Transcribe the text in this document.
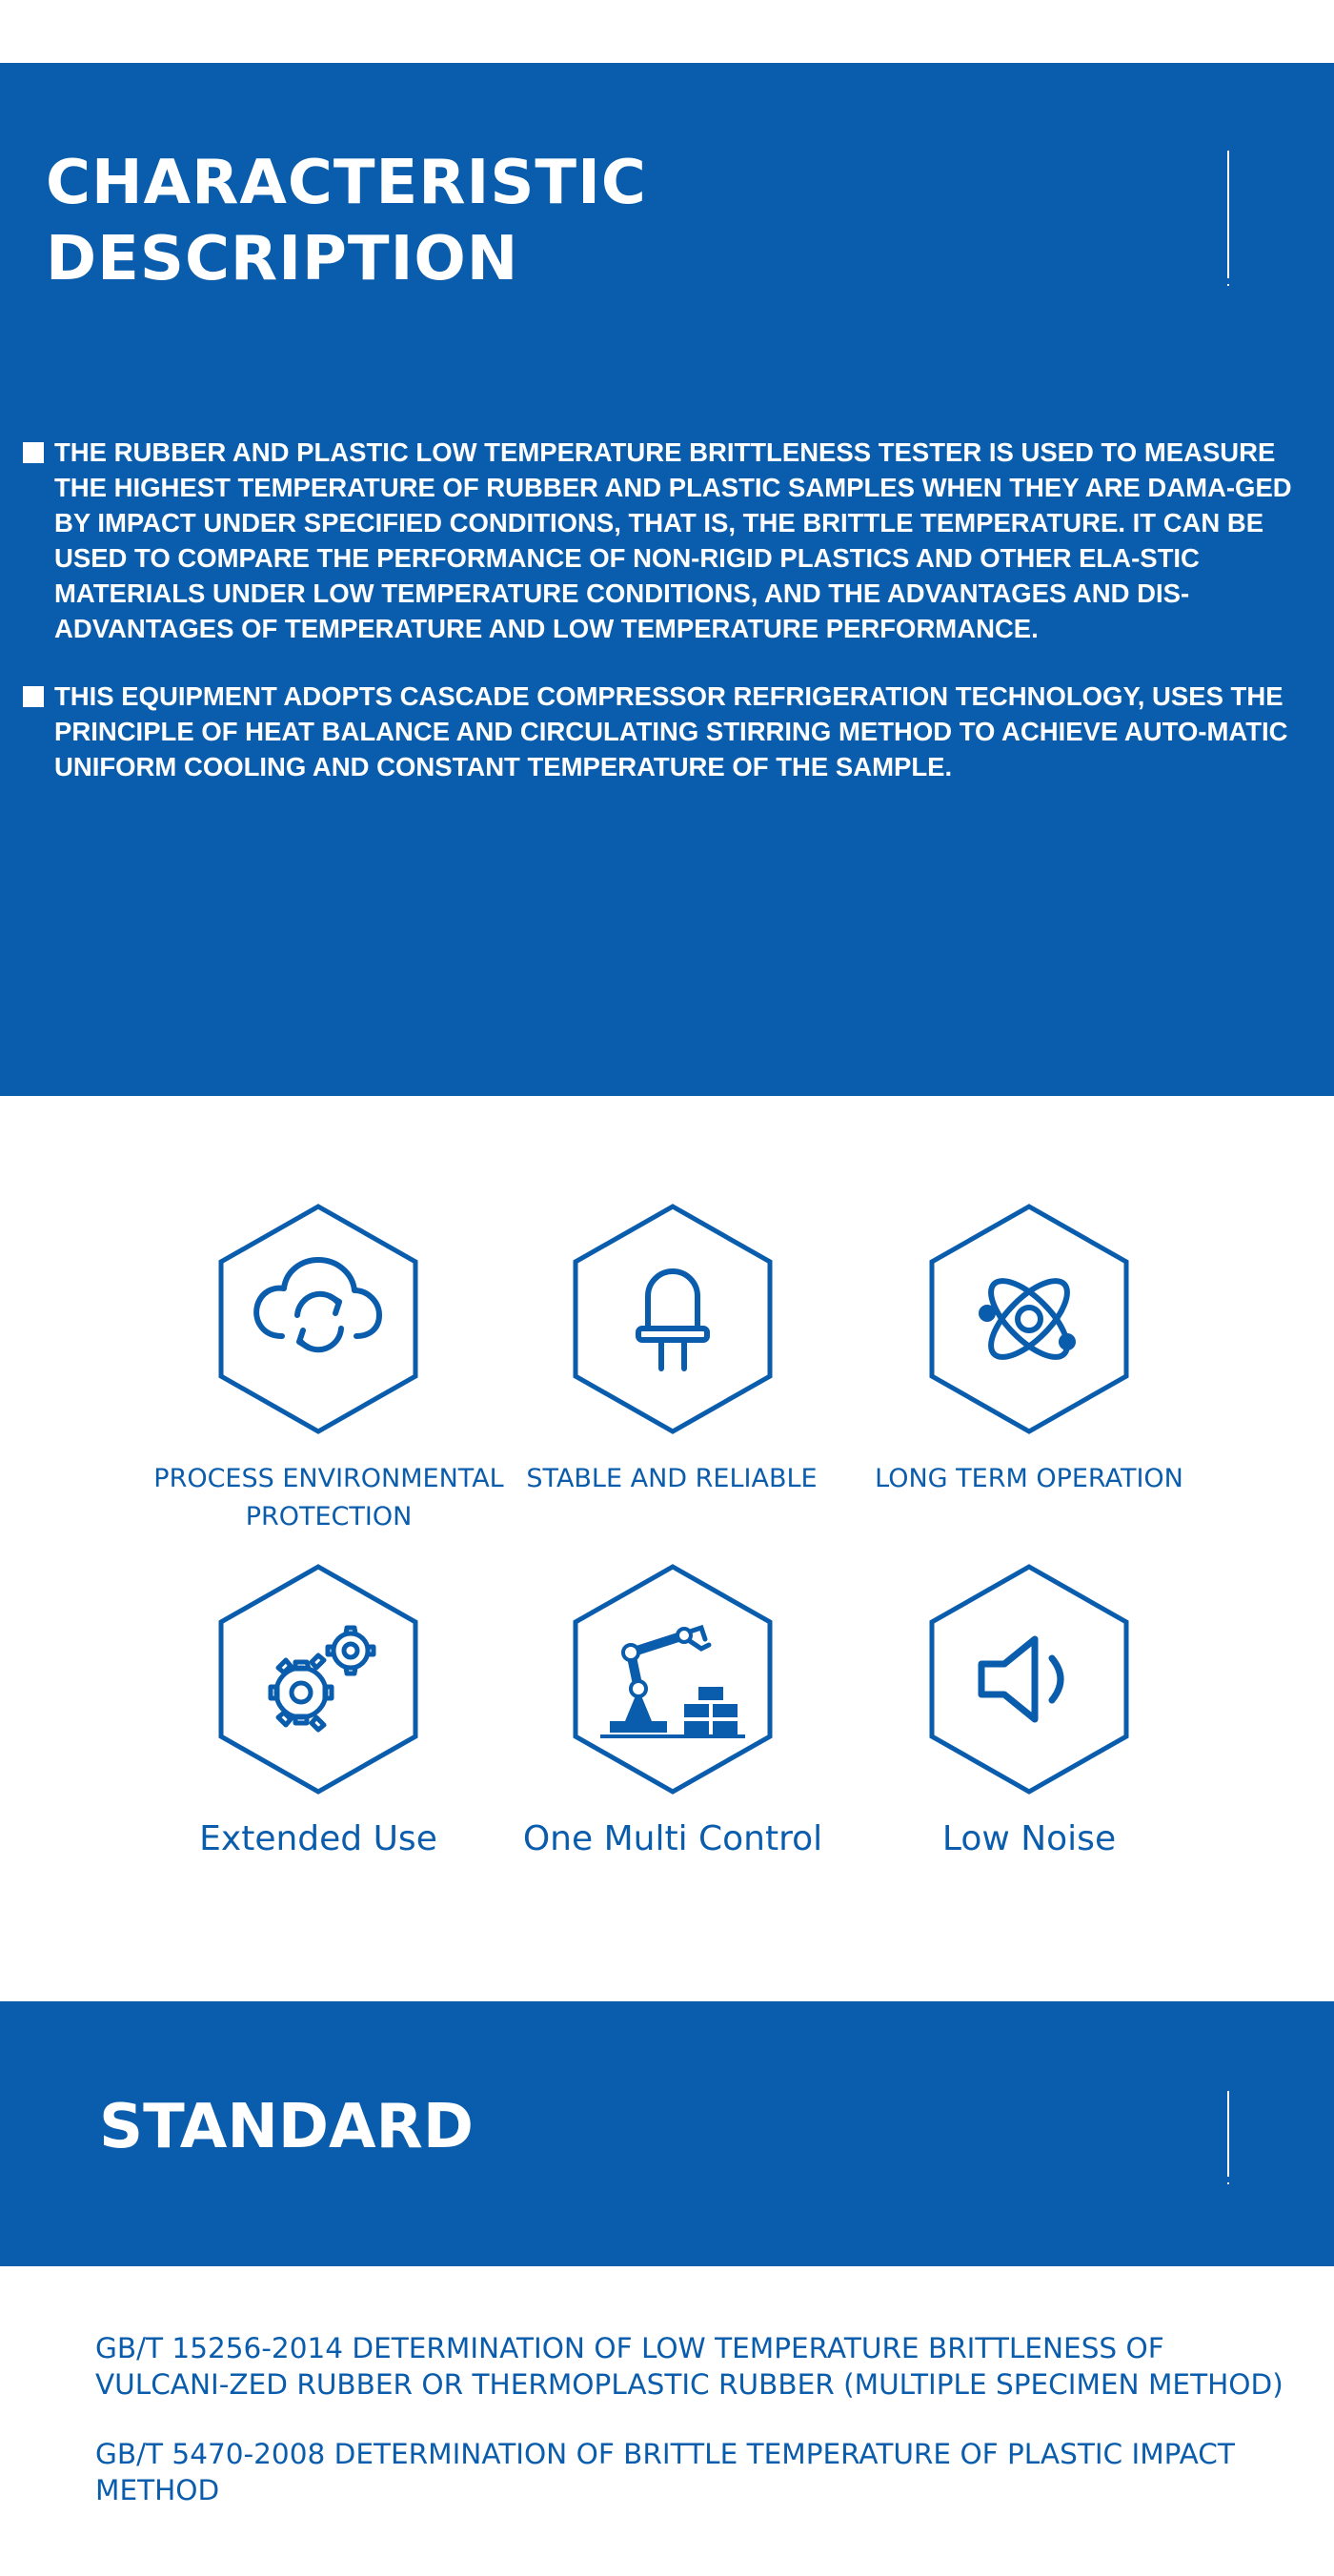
CHARACTERISTIC
DESCRIPTION
THE RUBBER AND PLASTIC LOW TEMPERATURE BRITTLENESS TESTER IS USED TO MEASURE THE HIGHEST TEMPERATURE OF RUBBER AND PLASTIC SAMPLES WHEN THEY ARE DAMA-GED BY IMPACT UNDER SPECIFIED CONDITIONS, THAT IS, THE BRITTLE TEMPERATURE. IT CAN BE USED TO COMPARE THE PERFORMANCE OF NON-RIGID PLASTICS AND OTHER ELA-STIC MATERIALS UNDER LOW TEMPERATURE CONDITIONS, AND THE ADVANTAGES AND DIS-ADVANTAGES OF TEMPERATURE AND LOW TEMPERATURE PERFORMANCE.
THIS EQUIPMENT ADOPTS CASCADE COMPRESSOR REFRIGERATION TECHNOLOGY, USES THE PRINCIPLE OF HEAT BALANCE AND CIRCULATING STIRRING METHOD TO ACHIEVE AUTO-MATIC UNIFORM COOLING AND CONSTANT TEMPERATURE OF THE SAMPLE.
PROCESS ENVIRONMENTAL PROTECTION
STABLE AND RELIABLE	LONG TERM OPERATION
Extended Use	One Multi Control	Low Noise
STANDARD

GB/T 15256-2014 DETERMINATION OF LOW TEMPERATURE BRITTLENESS OF VULCANI-ZED RUBBER OR THERMOPLASTIC RUBBER (MULTIPLE SPECIMEN METHOD)

GB/T 5470-2008 DETERMINATION OF BRITTLE TEMPERATURE OF PLASTIC IMPACT METHOD
